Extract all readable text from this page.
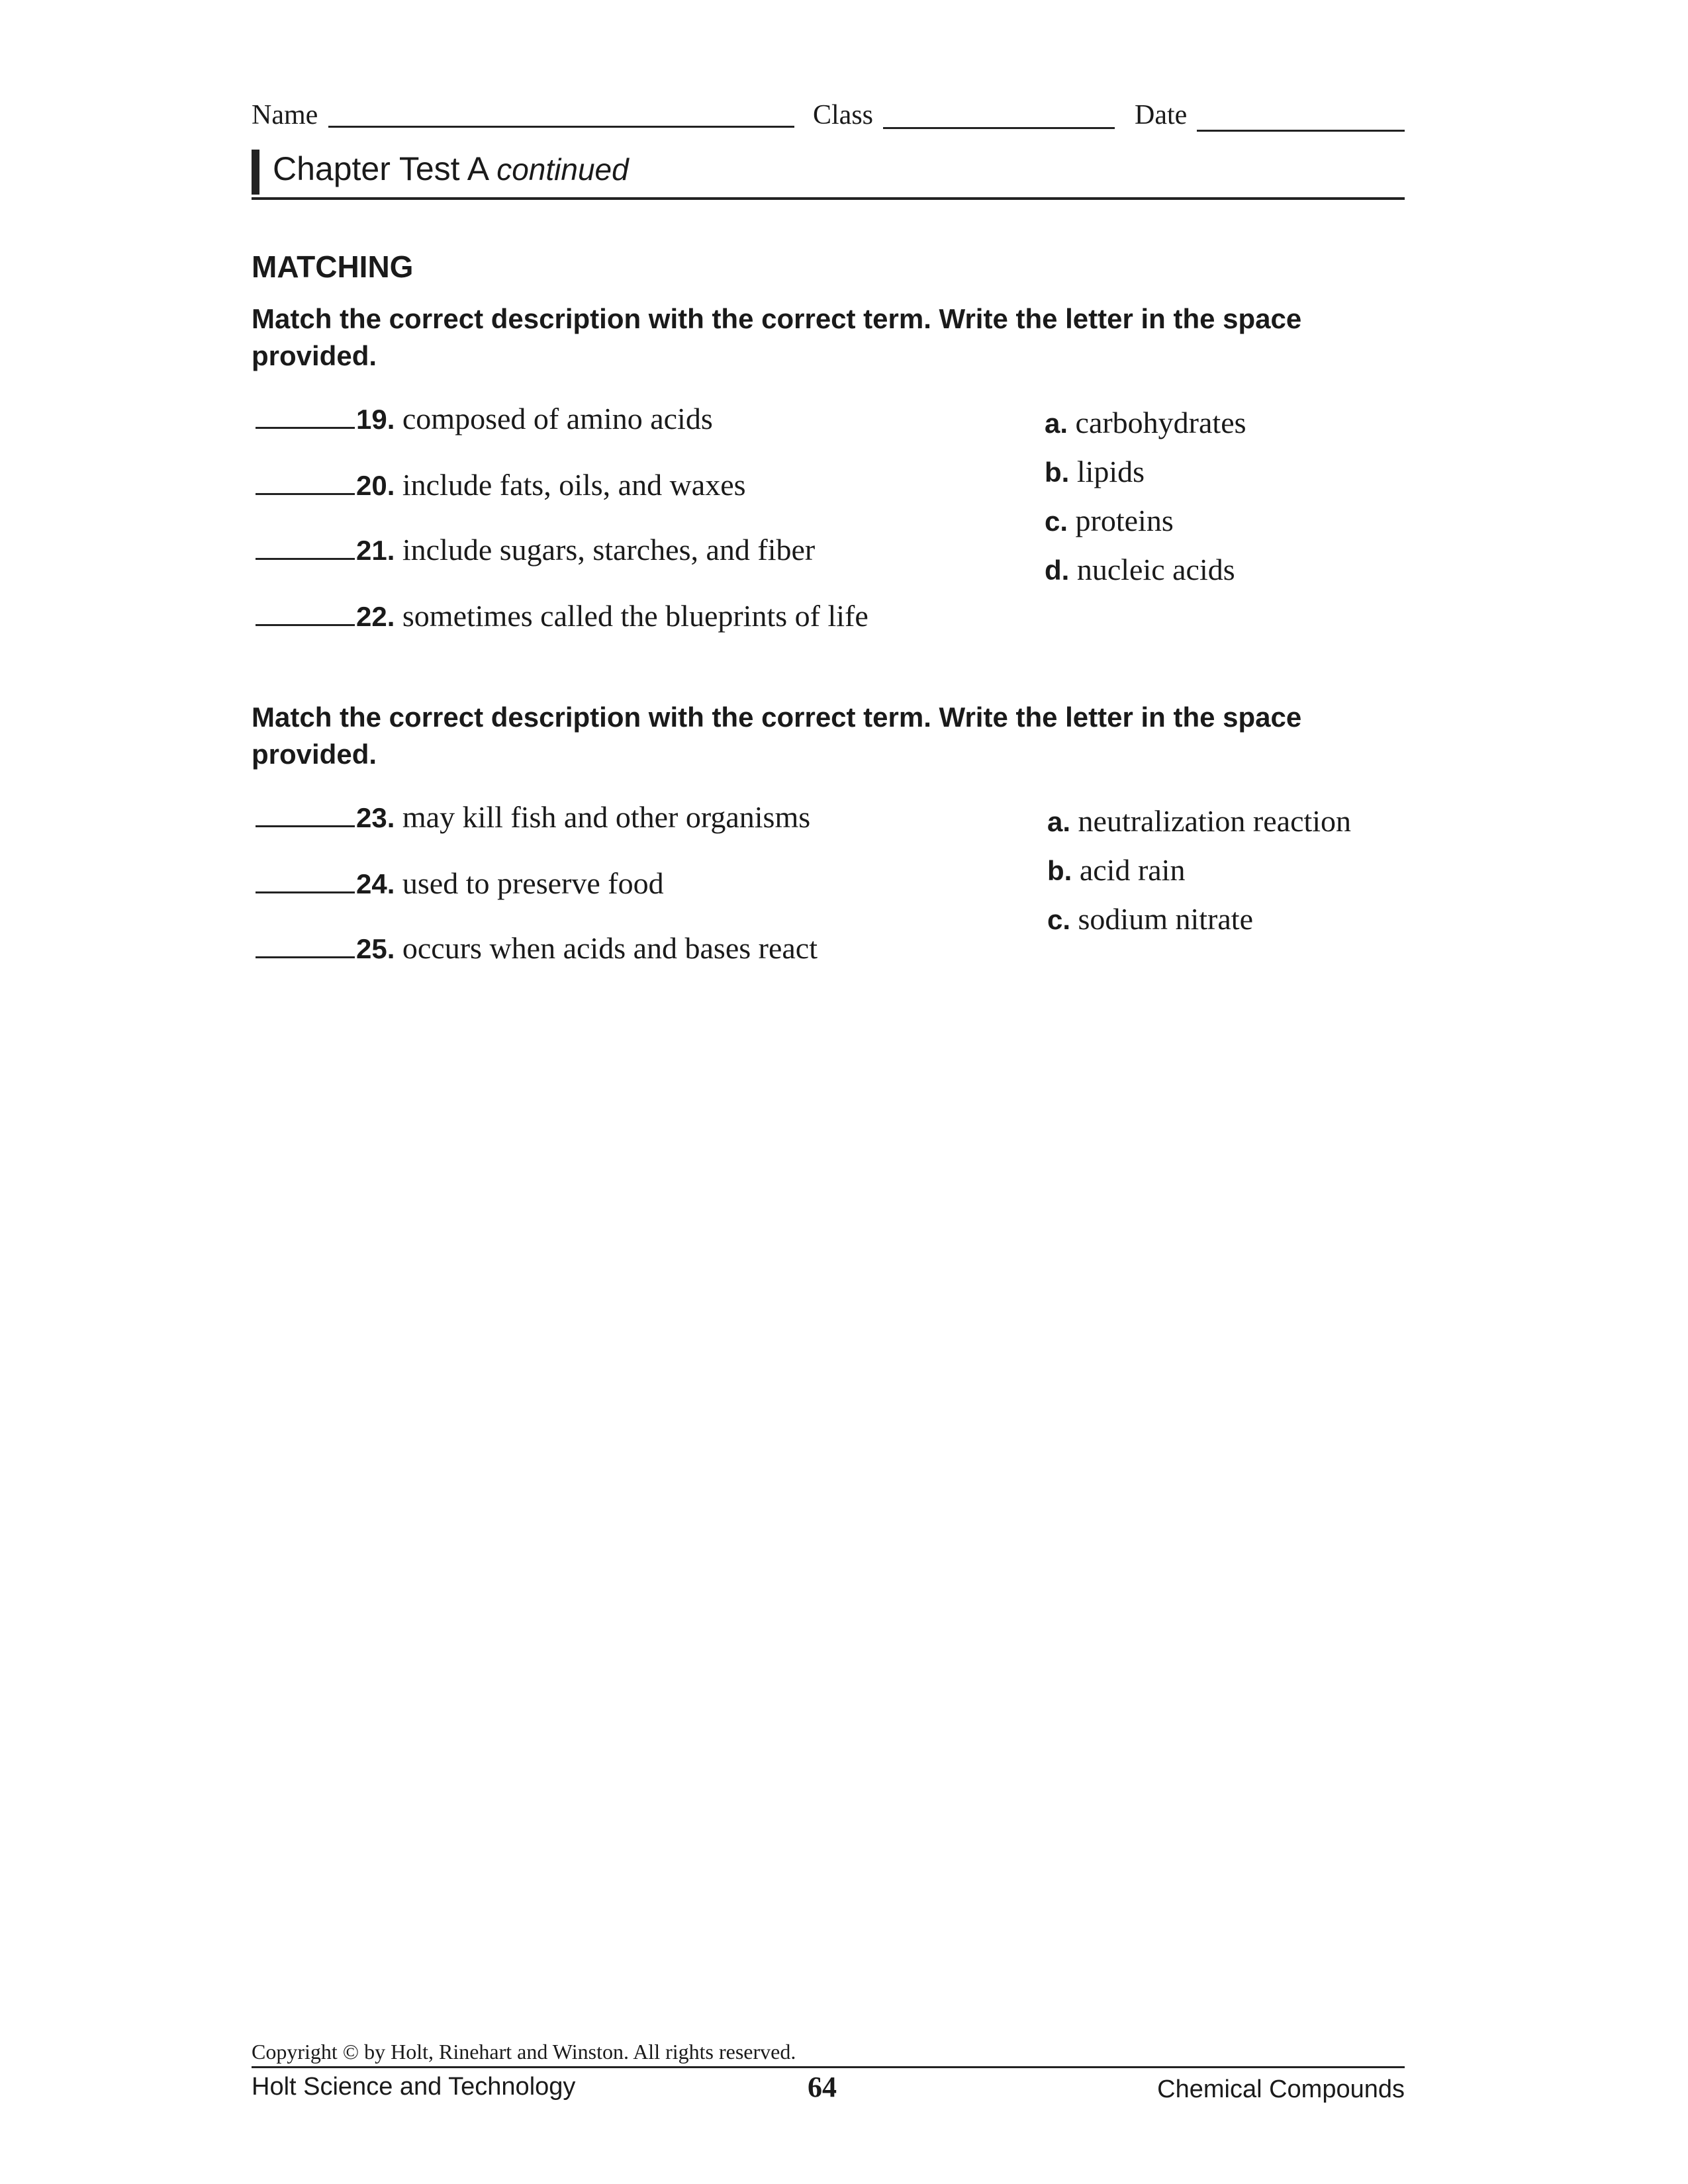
Name	Class	Date
Chapter Test A continued
MATCHING
Match the correct description with the correct term. Write the letter in the space provided.
19. composed of amino acids
20. include fats, oils, and waxes
21. include sugars, starches, and fiber
22. sometimes called the blueprints of life
a. carbohydrates
b. lipids
c. proteins
d. nucleic acids
Match the correct description with the correct term. Write the letter in the space provided.
23. may kill fish and other organisms
24. used to preserve food
25. occurs when acids and bases react
a. neutralization reaction
b. acid rain
c. sodium nitrate
Copyright © by Holt, Rinehart and Winston. All rights reserved.
Holt Science and Technology	64	Chemical Compounds
